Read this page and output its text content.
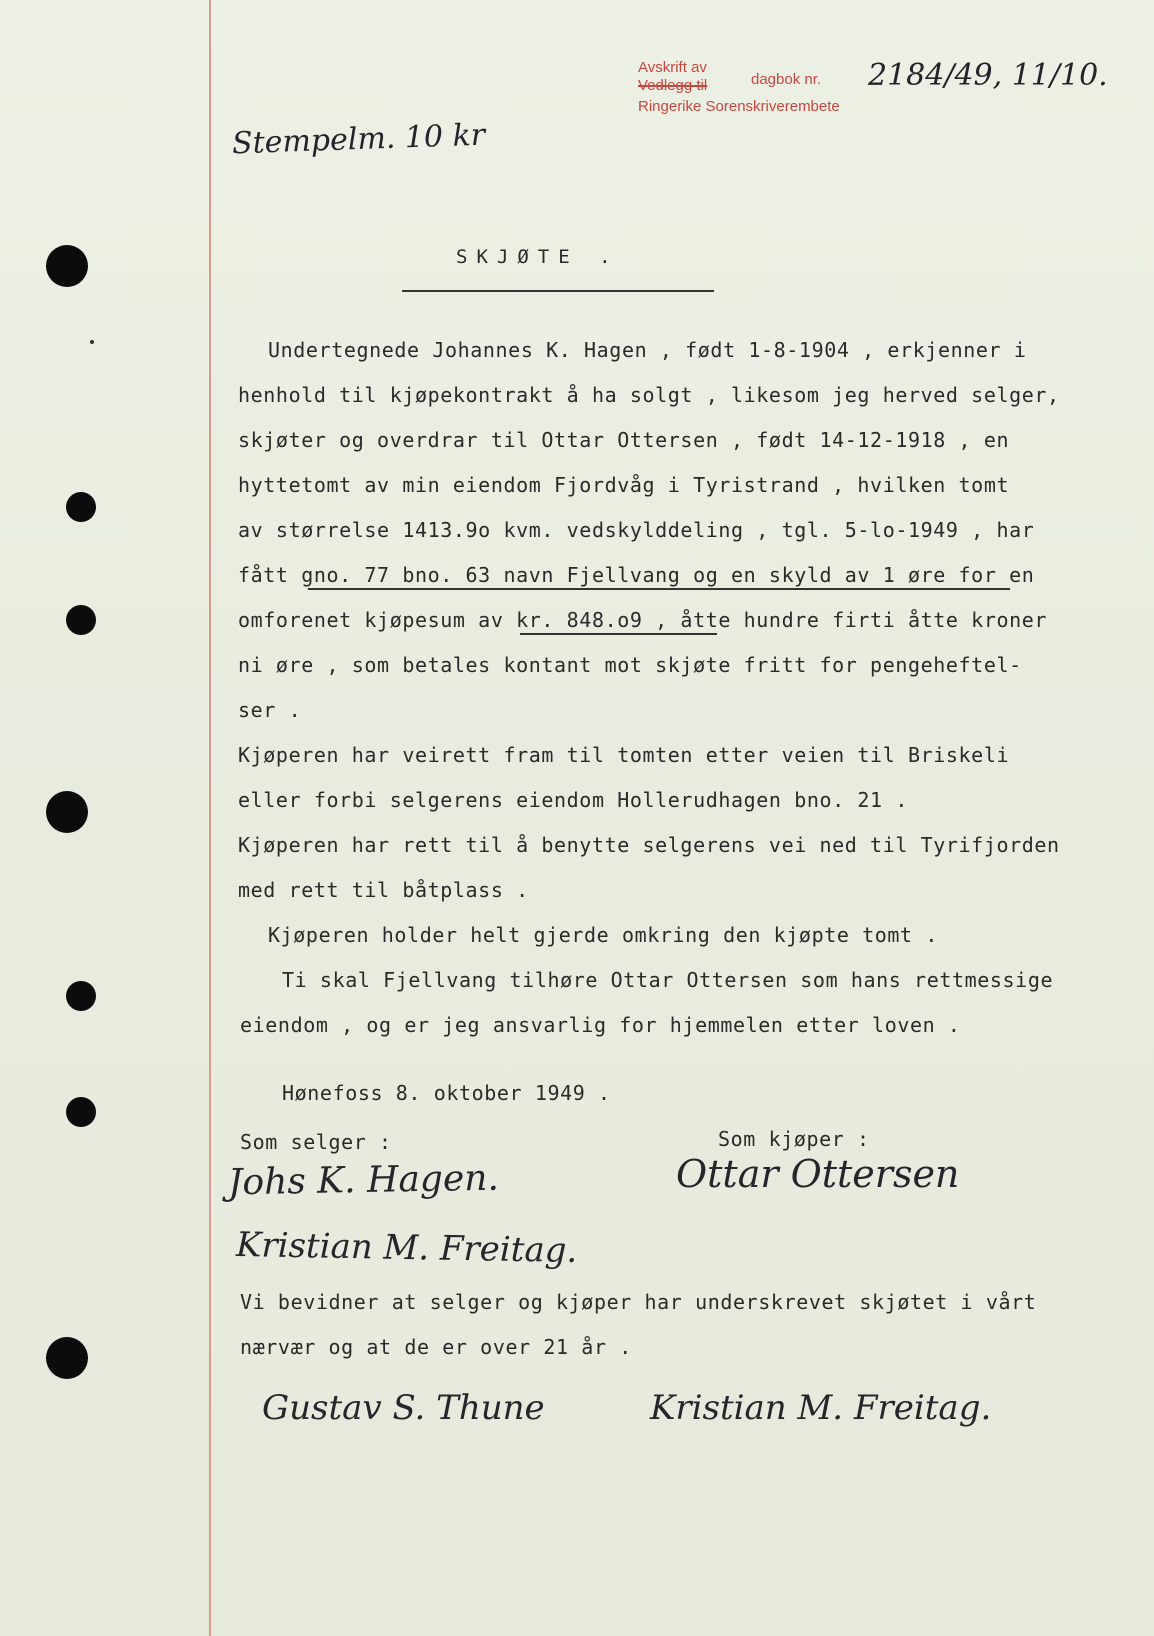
Avskrift av
Vedlegg til	dagbok nr.
Ringerike Sorenskriverembete
2184/49, 11/10.
Stempelm. 10 kr
SKJØTE .
Undertegnede Johannes K. Hagen , født 1-8-1904 , erkjenner i
henhold til kjøpekontrakt å ha solgt , likesom jeg herved selger,
skjøter og overdrar til Ottar Ottersen , født 14-12-1918 , en
hyttetomt av min eiendom Fjordvåg i Tyristrand , hvilken tomt
av størrelse 1413.9o kvm. vedskylddeling , tgl. 5-lo-1949 , har
fått gno. 77 bno. 63 navn Fjellvang og en skyld av 1 øre for en
omforenet kjøpesum av kr. 848.o9 , åtte hundre firti åtte kroner
ni øre , som betales kontant mot skjøte fritt for pengeheftel-
ser .
Kjøperen har veirett fram til tomten etter veien til Briskeli
eller forbi selgerens eiendom Hollerudhagen bno. 21 .
Kjøperen har rett til å benytte selgerens vei ned til Tyrifjorden
med rett til båtplass .
Kjøperen holder helt gjerde omkring den kjøpte tomt .
Ti skal Fjellvang tilhøre Ottar Ottersen som hans rettmessige
eiendom , og er jeg ansvarlig for hjemmelen etter loven .
Hønefoss 8. oktober 1949 .
Som selger :	Som kjøper :
Johs K. Hagen.	Ottar Ottersen
Kristian M. Freitag.
Vi bevidner at selger og kjøper har underskrevet skjøtet i vårt
nærvær og at de er over 21 år .
Gustav S. Thune	Kristian M. Freitag.
